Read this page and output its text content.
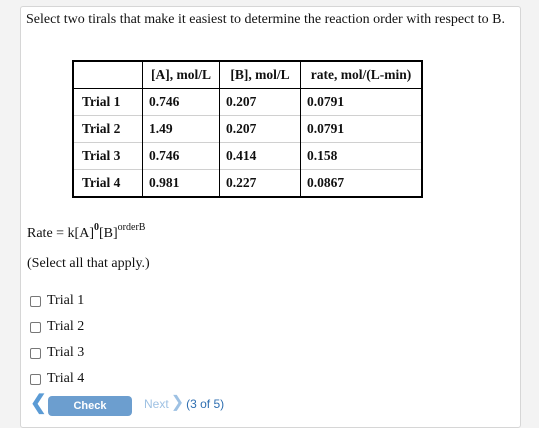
Select two tirals that make it easiest to determine the reaction order with respect to B.
	[A], mol/L	[B], mol/L	rate, mol/(L-min)
Trial 1	0.746	0.207	0.0791
Trial 2	1.49	0.207	0.0791
Trial 3	0.746	0.414	0.158
Trial 4	0.981	0.227	0.0867
Rate = $k[A]^0[B]^{orderB}$
(Select all that apply.)
Trial 1
Trial 2
Trial 3
Trial 4
❮	Check	Next ❯ (3 of 5)
